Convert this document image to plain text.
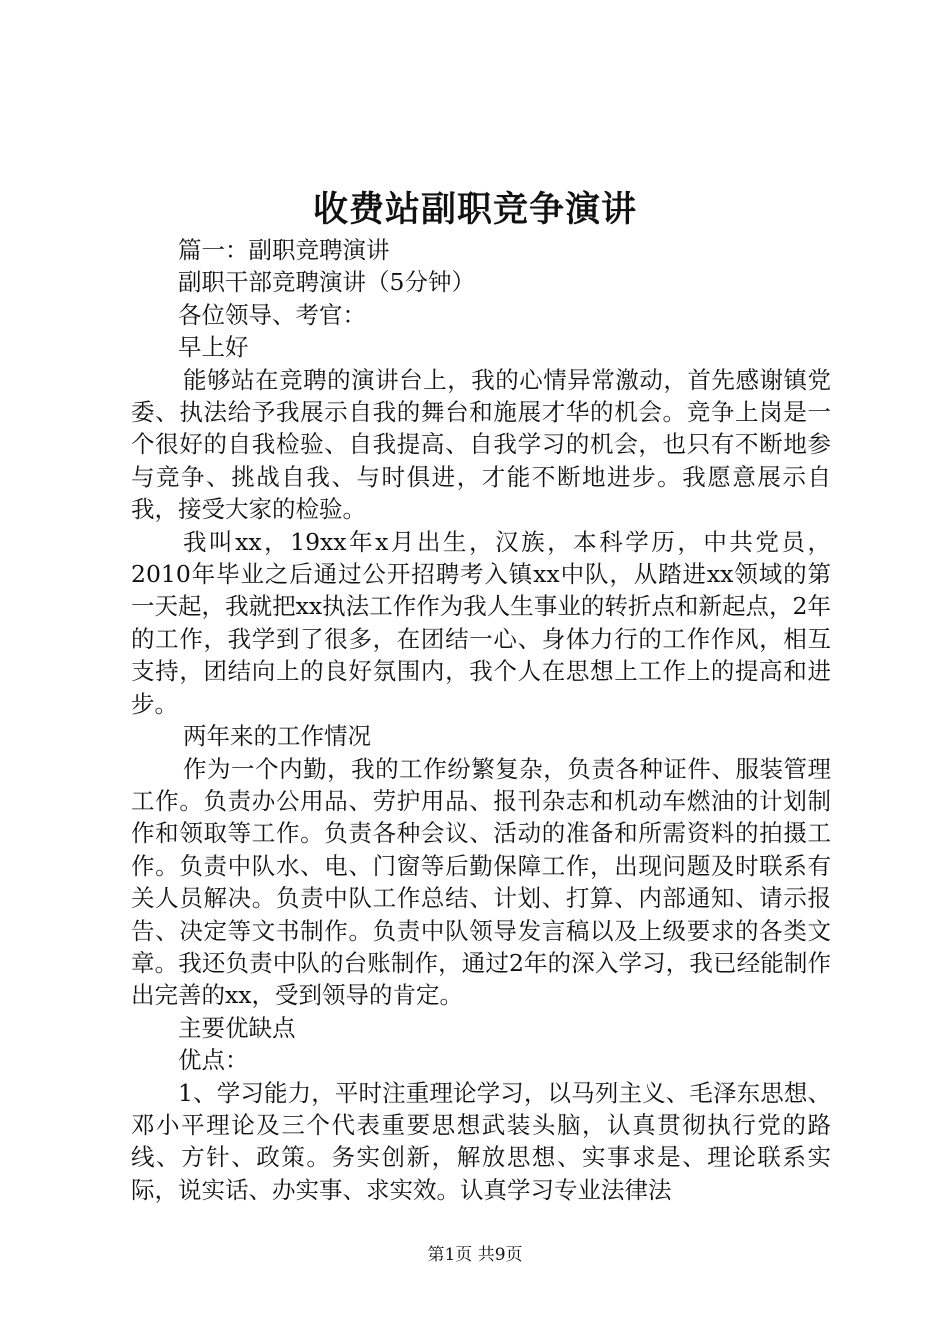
收费站副职竞争演讲

篇一：副职竞聘演讲

副职干部竞聘演讲（5分钟）

各位领导、考官：

早上好

能够站在竞聘的演讲台上，我的心情异常激动，首先感谢镇党委、执法给予我展示自我的舞台和施展才华的机会。竞争上岗是一个很好的自我检验、自我提高、自我学习的机会，也只有不断地参与竞争、挑战自我、与时俱进，才能不断地进步。我愿意展示自我，接受大家的检验。

我叫xx，19xx年x月出生，汉族，本科学历，中共党员，2010年毕业之后通过公开招聘考入镇xx中队，从踏进xx领域的第一天起，我就把xx执法工作作为我人生事业的转折点和新起点，2年的工作，我学到了很多，在团结一心、身体力行的工作作风，相互支持，团结向上的良好氛围内，我个人在思想上工作上的提高和进步。

两年来的工作情况

作为一个内勤，我的工作纷繁复杂，负责各种证件、服装管理工作。负责办公用品、劳护用品、报刊杂志和机动车燃油的计划制作和领取等工作。负责各种会议、活动的准备和所需资料的拍摄工作。负责中队水、电、门窗等后勤保障工作，出现问题及时联系有关人员解决。负责中队工作总结、计划、打算、内部通知、请示报告、决定等文书制作。负责中队领导发言稿以及上级要求的各类文章。我还负责中队的台账制作，通过2年的深入学习，我已经能制作出完善的xx，受到领导的肯定。

主要优缺点

优点：

1、学习能力，平时注重理论学习，以马列主义、毛泽东思想、邓小平理论及三个代表重要思想武装头脑，认真贯彻执行党的路线、方针、政策。务实创新，解放思想、实事求是、理论联系实际，说实话、办实事、求实效。认真学习专业法律法

第1页 共9页
